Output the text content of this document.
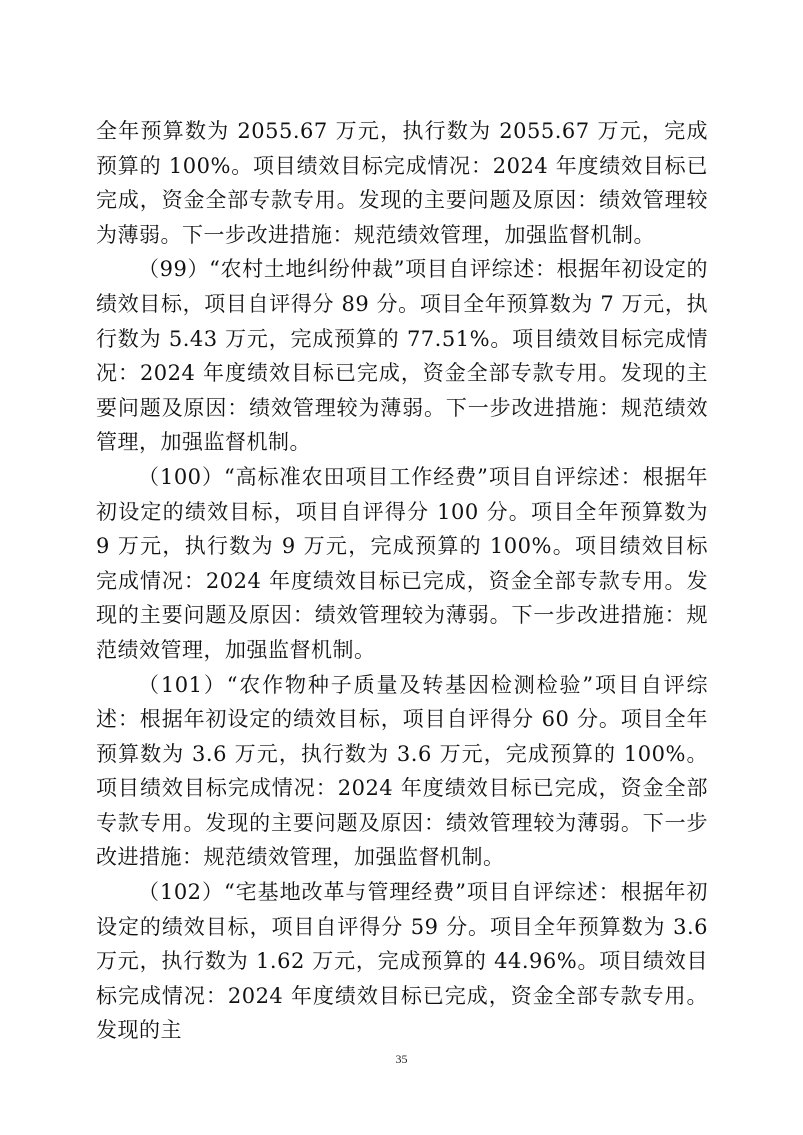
全年预算数为 2055.67 万元，执行数为 2055.67 万元，完成预算的 100%。项目绩效目标完成情况：2024 年度绩效目标已完成，资金全部专款专用。发现的主要问题及原因：绩效管理较为薄弱。下一步改进措施：规范绩效管理，加强监督机制。

（99）“农村土地纠纷仲裁”项目自评综述：根据年初设定的绩效目标，项目自评得分 89 分。项目全年预算数为 7 万元，执行数为 5.43 万元，完成预算的 77.51%。项目绩效目标完成情况：2024 年度绩效目标已完成，资金全部专款专用。发现的主要问题及原因：绩效管理较为薄弱。下一步改进措施：规范绩效管理，加强监督机制。

（100）“高标准农田项目工作经费”项目自评综述：根据年初设定的绩效目标，项目自评得分 100 分。项目全年预算数为 9 万元，执行数为 9 万元，完成预算的 100%。项目绩效目标完成情况：2024 年度绩效目标已完成，资金全部专款专用。发现的主要问题及原因：绩效管理较为薄弱。下一步改进措施：规范绩效管理，加强监督机制。

（101）“农作物种子质量及转基因检测检验”项目自评综述：根据年初设定的绩效目标，项目自评得分 60 分。项目全年预算数为 3.6 万元，执行数为 3.6 万元，完成预算的 100%。项目绩效目标完成情况：2024 年度绩效目标已完成，资金全部专款专用。发现的主要问题及原因：绩效管理较为薄弱。下一步改进措施：规范绩效管理，加强监督机制。

（102）“宅基地改革与管理经费”项目自评综述：根据年初设定的绩效目标，项目自评得分 59 分。项目全年预算数为 3.6 万元，执行数为 1.62 万元，完成预算的 44.96%。项目绩效目标完成情况：2024 年度绩效目标已完成，资金全部专款专用。发现的主

35
